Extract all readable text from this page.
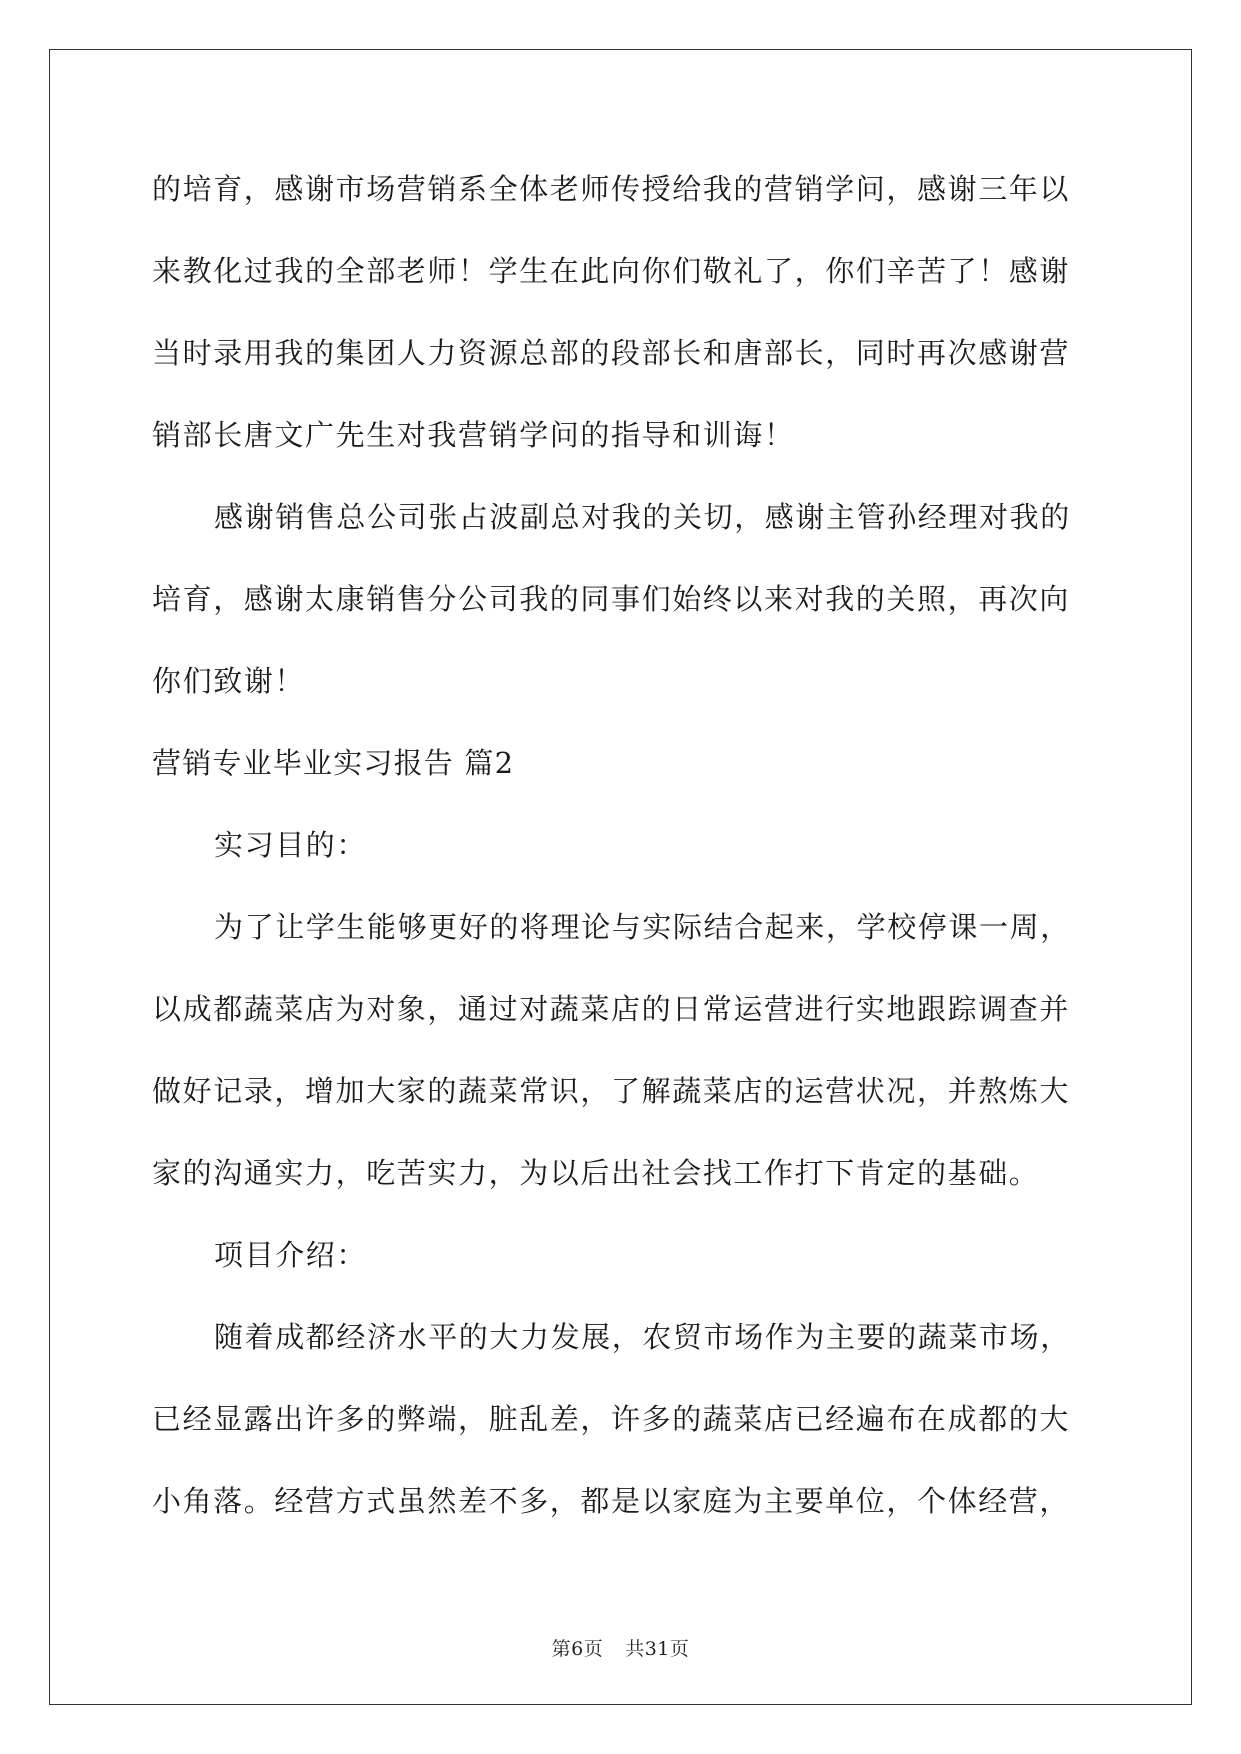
的培育，感谢市场营销系全体老师传授给我的营销学问，感谢三年以
来教化过我的全部老师！学生在此向你们敬礼了，你们辛苦了！感谢
当时录用我的集团人力资源总部的段部长和唐部长，同时再次感谢营
销部长唐文广先生对我营销学问的指导和训诲！
感谢销售总公司张占波副总对我的关切，感谢主管孙经理对我的
培育，感谢太康销售分公司我的同事们始终以来对我的关照，再次向
你们致谢！
营销专业毕业实习报告 篇2
实习目的：
为了让学生能够更好的将理论与实际结合起来，学校停课一周，
以成都蔬菜店为对象，通过对蔬菜店的日常运营进行实地跟踪调查并
做好记录，增加大家的蔬菜常识，了解蔬菜店的运营状况，并熬炼大
家的沟通实力，吃苦实力，为以后出社会找工作打下肯定的基础。
项目介绍：
随着成都经济水平的大力发展，农贸市场作为主要的蔬菜市场，
已经显露出许多的弊端，脏乱差，许多的蔬菜店已经遍布在成都的大
小角落。经营方式虽然差不多，都是以家庭为主要单位，个体经营，
第6页 共31页
